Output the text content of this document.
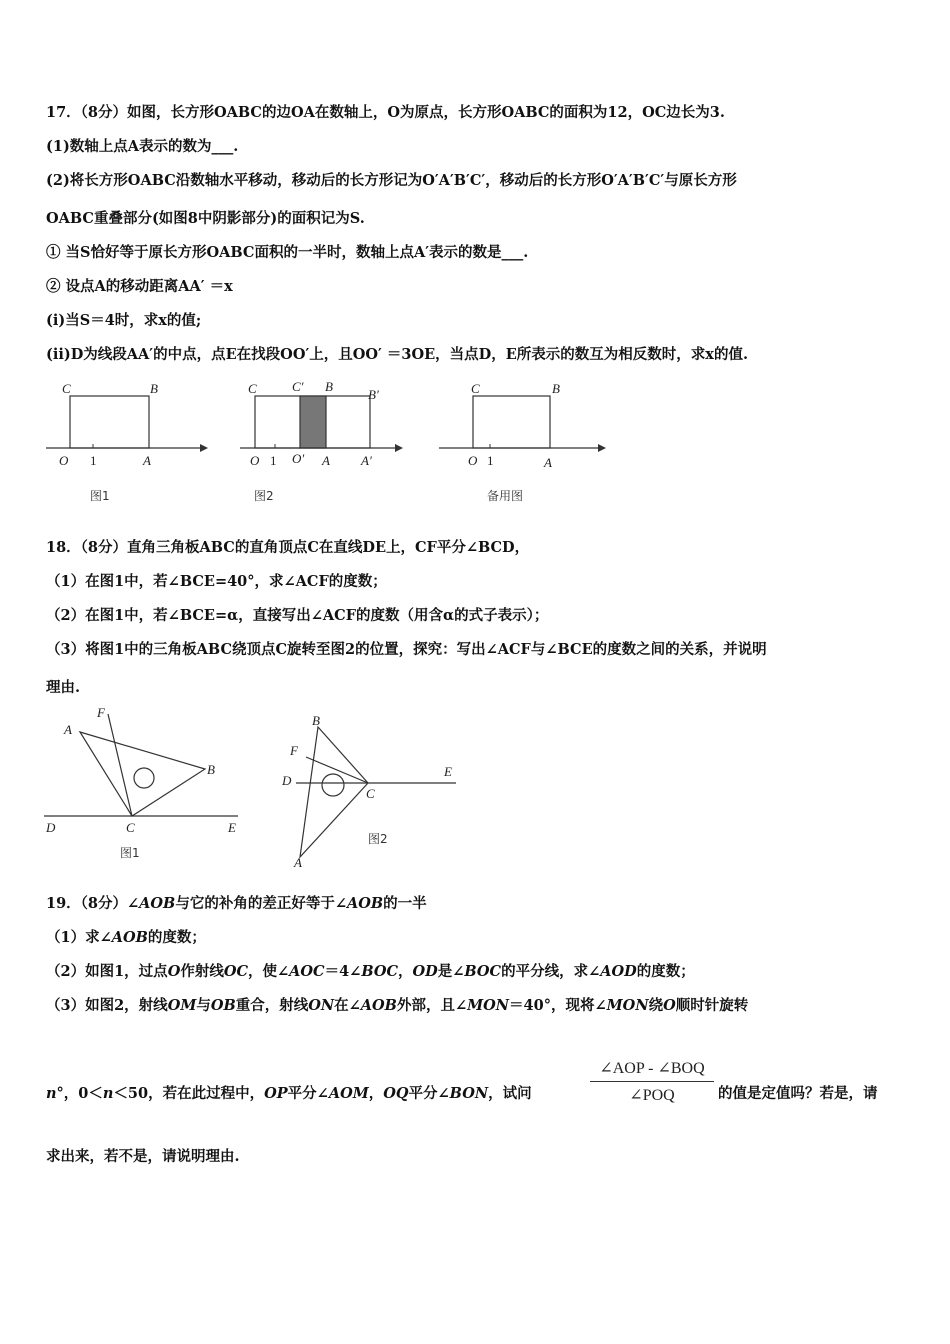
17．（8分）如图，长方形OABC的边OA在数轴上，O为原点，长方形OABC的面积为12，OC边长为3.
(1)数轴上点A表示的数为___.
(2)将长方形OABC沿数轴水平移动，移动后的长方形记为O′A′B′C′，移动后的长方形O′A′B′C′与原长方形
OABC重叠部分(如图8中阴影部分)的面积记为S.
① 当S恰好等于原长方形OABC面积的一半时，数轴上点A′表示的数是___.
② 设点A的移动距离AA′ ＝x
(ⅰ)当S＝4时，求x的值;
(ⅱ)D为线段AA′的中点，点E在找段OO′上，且OO′ ＝3OE，当点D，E所表示的数互为相反数时，求x的值.
C	B
O 1	A
图1
C	C′ B
B′
O 1 O′ A A′
图2
C	B
O 1	A
备用图
18．（8分）直角三角板ABC的直角顶点C在直线DE上，CF平分∠BCD，
（1）在图1中，若∠BCE=40°，求∠ACF的度数；
（2）在图1中，若∠BCE=α，直接写出∠ACF的度数（用含α的式子表示）；
（3）将图1中的三角板ABC绕顶点C旋转至图2的位置，探究：写出∠ACF与∠BCE的度数之间的关系，并说明
理由.
A
F
B
D	C	E
图1
B
F
D
C
E
A
图2
19．（8分）∠AOB与它的补角的差正好等于∠AOB的一半
（1）求∠AOB的度数；
（2）如图1，过点O作射线OC，使∠AOC＝4∠BOC，OD是∠BOC的平分线，求∠AOD的度数；
（3）如图2，射线OM与OB重合，射线ON在∠AOB外部，且∠MON＝40°，现将∠MON绕O顺时针旋转
n°，0＜n＜50，若在此过程中，OP平分∠AOM，OQ平分∠BON，试问	的值是定值吗？若是，请
∠AOP - ∠BOQ
∠POQ
求出来，若不是，请说明理由.
